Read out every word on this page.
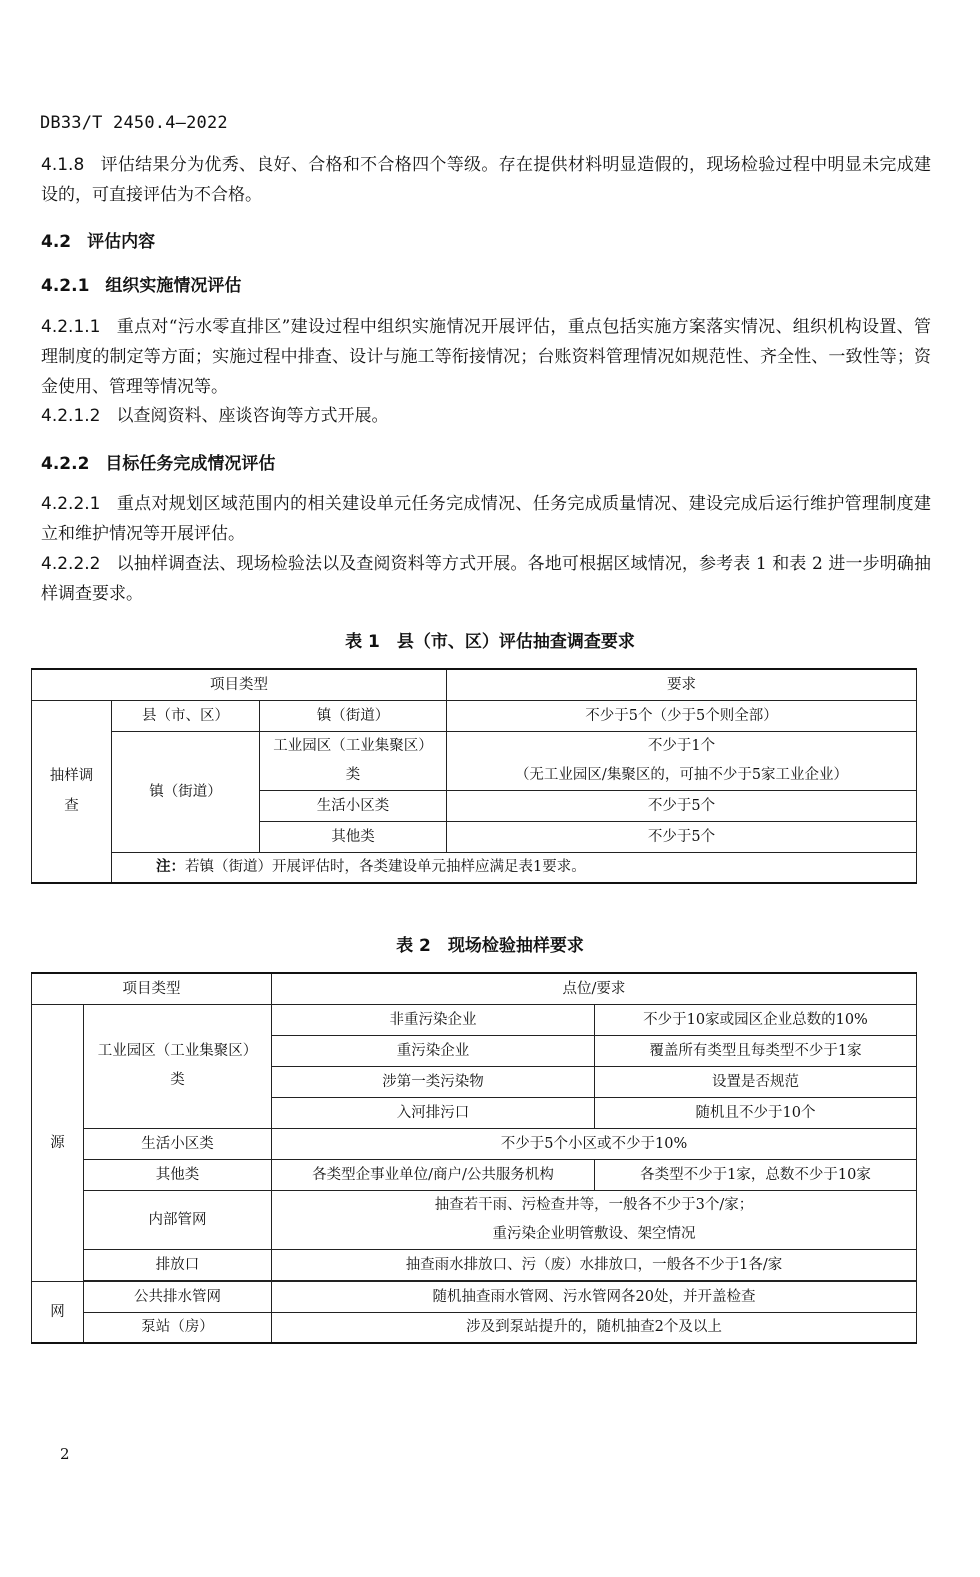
DB33/T 2450.4—2022
4.1.8 评估结果分为优秀、良好、合格和不合格四个等级。存在提供材料明显造假的，现场检验过程中明显未完成建设的，可直接评估为不合格。
4.2 评估内容
4.2.1 组织实施情况评估
4.2.1.1 重点对“污水零直排区”建设过程中组织实施情况开展评估，重点包括实施方案落实情况、组织机构设置、管理制度的制定等方面；实施过程中排查、设计与施工等衔接情况；台账资料管理情况如规范性、齐全性、一致性等；资金使用、管理等情况等。
4.2.1.2 以查阅资料、座谈咨询等方式开展。
4.2.2 目标任务完成情况评估
4.2.2.1 重点对规划区域范围内的相关建设单元任务完成情况、任务完成质量情况、建设完成后运行维护管理制度建立和维护情况等开展评估。
4.2.2.2 以抽样调查法、现场检验法以及查阅资料等方式开展。各地可根据区域情况，参考表 1 和表 2 进一步明确抽样调查要求。
表 1　县（市、区）评估抽查调查要求
项目类型			要求
抽样调查	县（市、区）	镇（街道）	不少于5个（少于5个则全部）
	镇（街道）	工业园区（工业集聚区）类	不少于1个
（无工业园区/集聚区的，可抽不少于5家工业企业）

		生活小区类	不少于5个
		其他类	不少于5个
	注：若镇（街道）开展评估时，各类建设单元抽样应满足表1要求。		
表 2　现场检验抽样要求
项目类型		点位/要求	
源	工业园区（工业集聚区）类	非重污染企业	不少于10家或园区企业总数的10%
		重污染企业	覆盖所有类型且每类型不少于1家
		涉第一类污染物	设置是否规范
		入河排污口	随机且不少于10个
	生活小区类	不少于5个小区或不少于10%	
	其他类	各类型企事业单位/商户/公共服务机构	各类型不少于1家，总数不少于10家
	内部管网	抽查若干雨、污检查井等，一般各不少于3个/家；
重污染企业明管敷设、架空情况	

	排放口	抽查雨水排放口、污（废）水排放口，一般各不少于1各/家	

网	公共排水管网	随机抽查雨水管网、污水管网各20处，并开盖检查	
	泵站（房）	涉及到泵站提升的，随机抽查2个及以上	
2
